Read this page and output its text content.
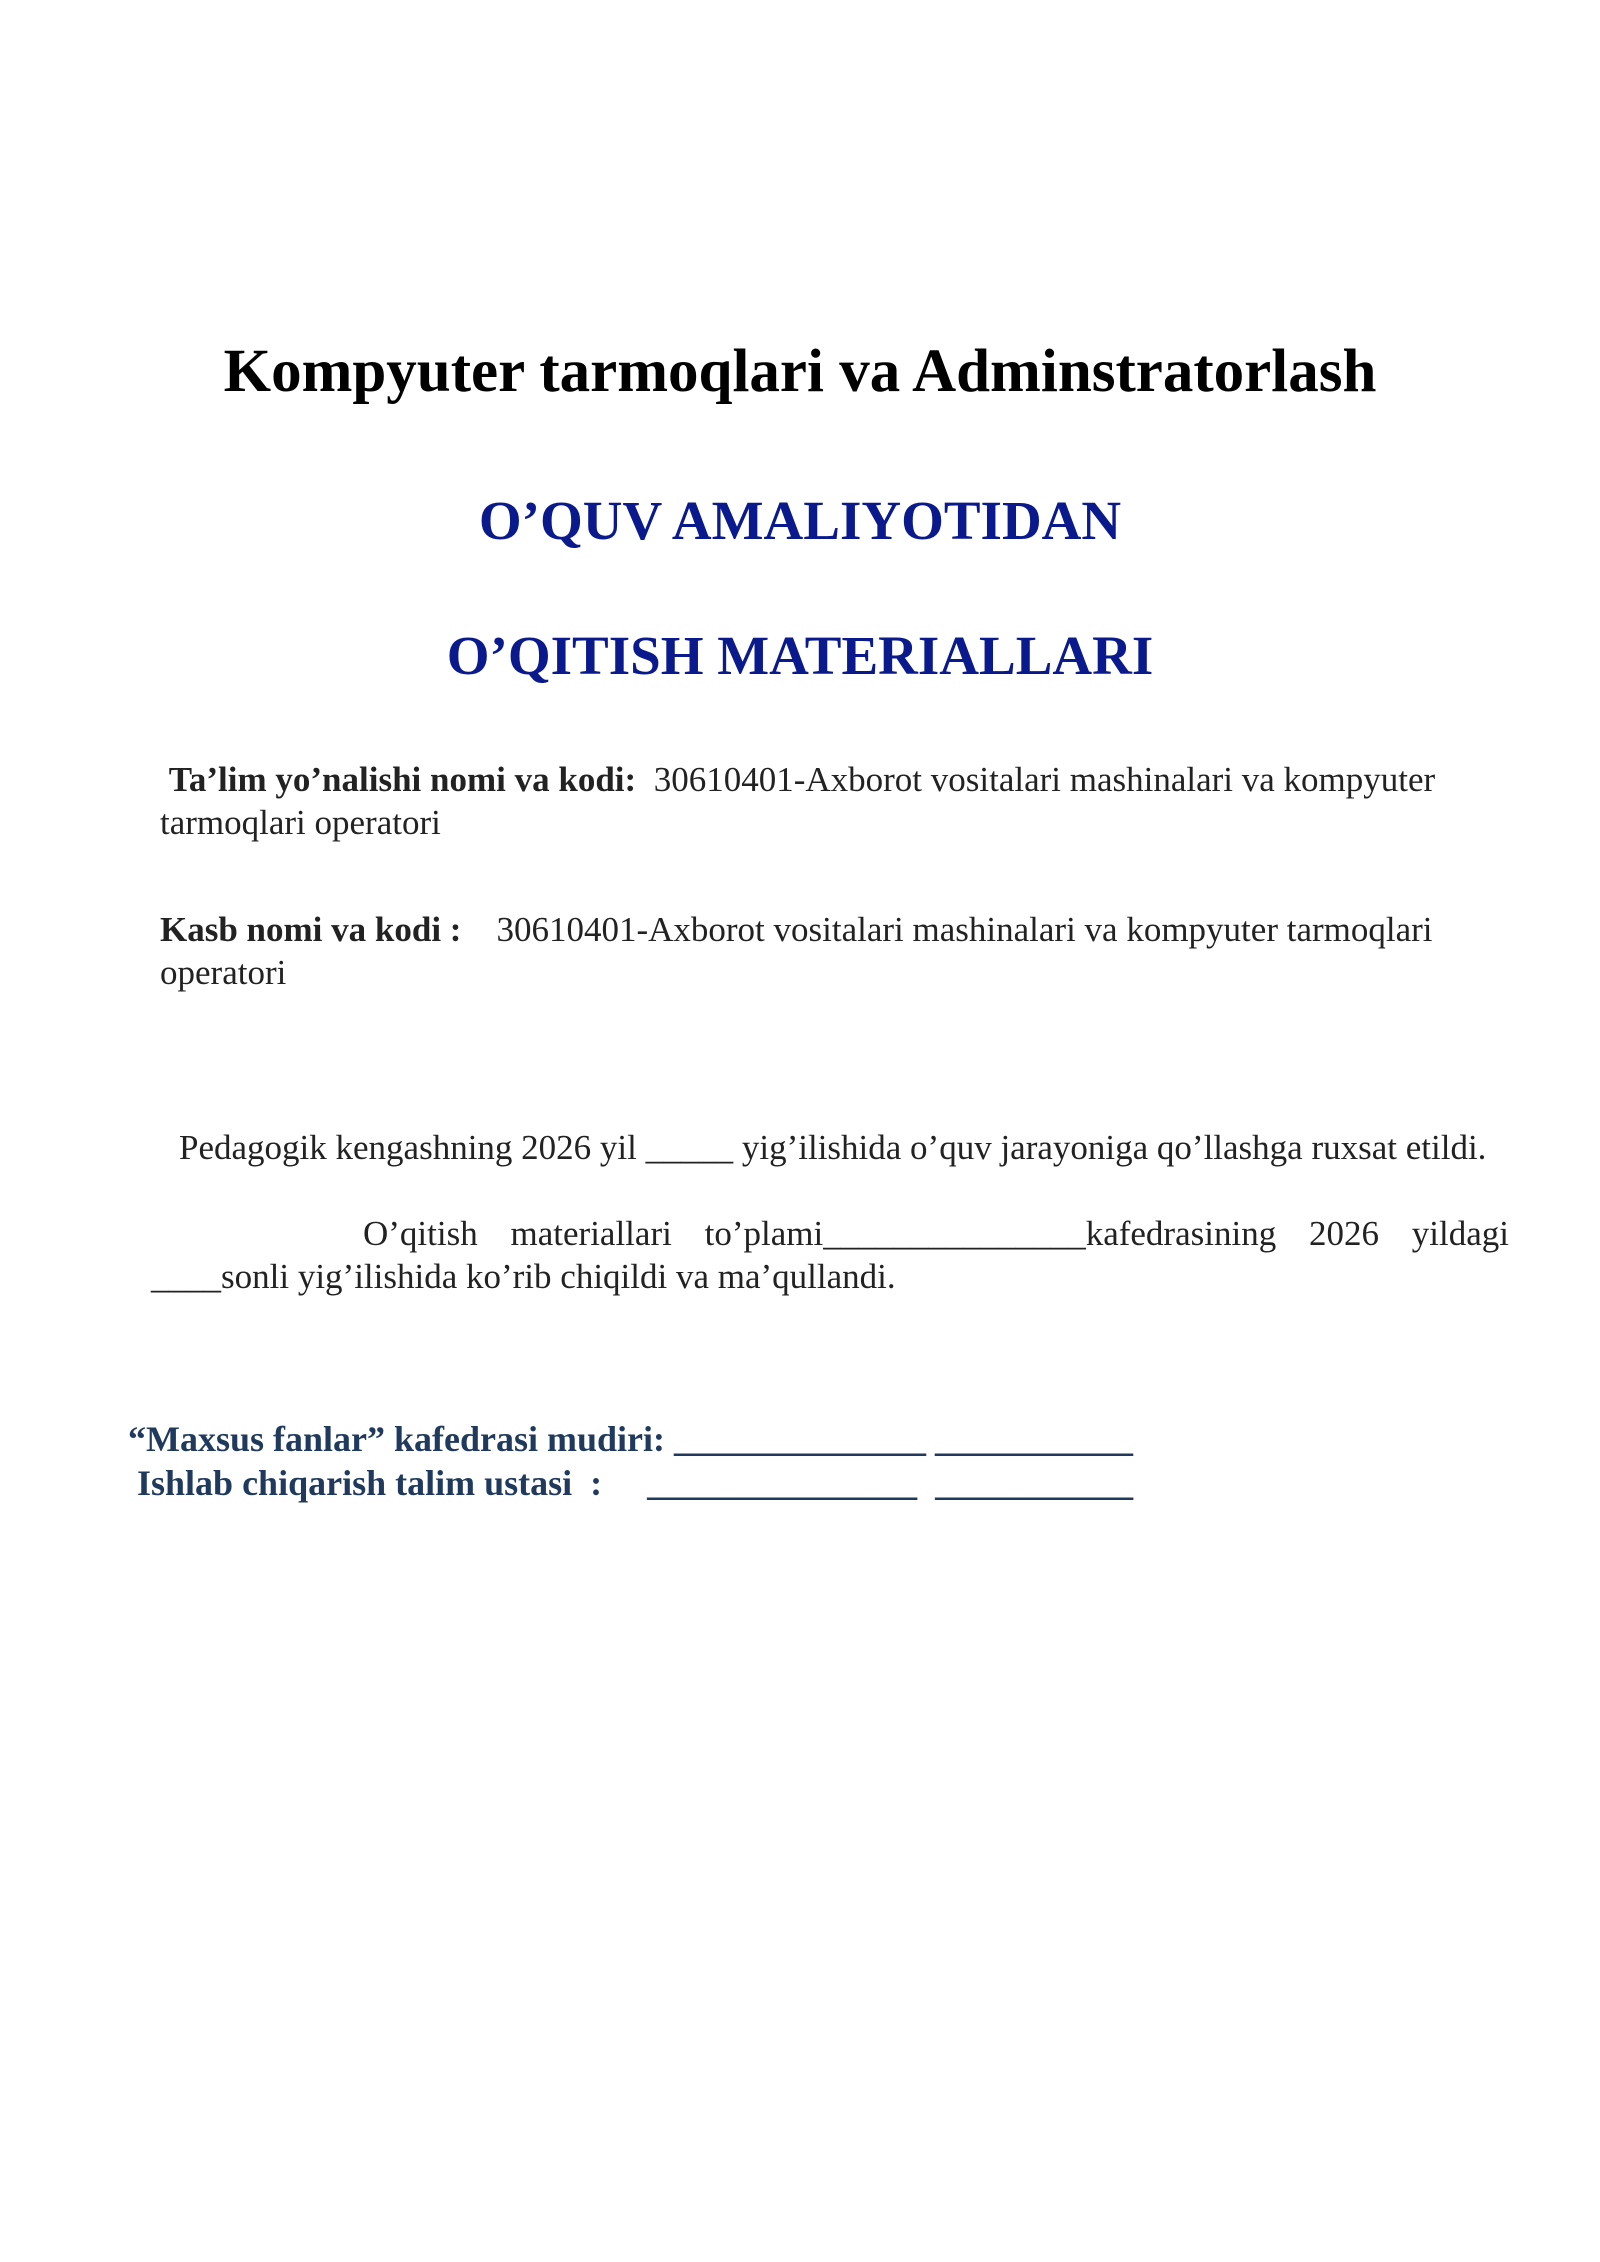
Kompyuter tarmoqlari va Adminstratorlash
O’QUV AMALIYOTIDAN
O’QITISH MATERIALLARI

Ta’lim yo’nalishi nomi va kodi: 30610401-Axborot vositalari mashinalari va kompyuter tarmoqlari operatori

Kasb nomi va kodi : 30610401-Axborot vositalari mashinalari va kompyuter tarmoqlari operatori

Pedagogik kengashning 2026 yil _____ yig’ilishida o’quv jarayoniga qo’llashga ruxsat etildi.

O’qitish materiallari to’plami_______________kafedrasining 2026 yildagi ____sonli yig’ilishida ko’rib chiqildi va ma’qullandi.

“Maxsus fanlar” kafedrasi mudiri: ______________ ___________

Ishlab chiqarish talim ustasi  :     _______________  ___________
